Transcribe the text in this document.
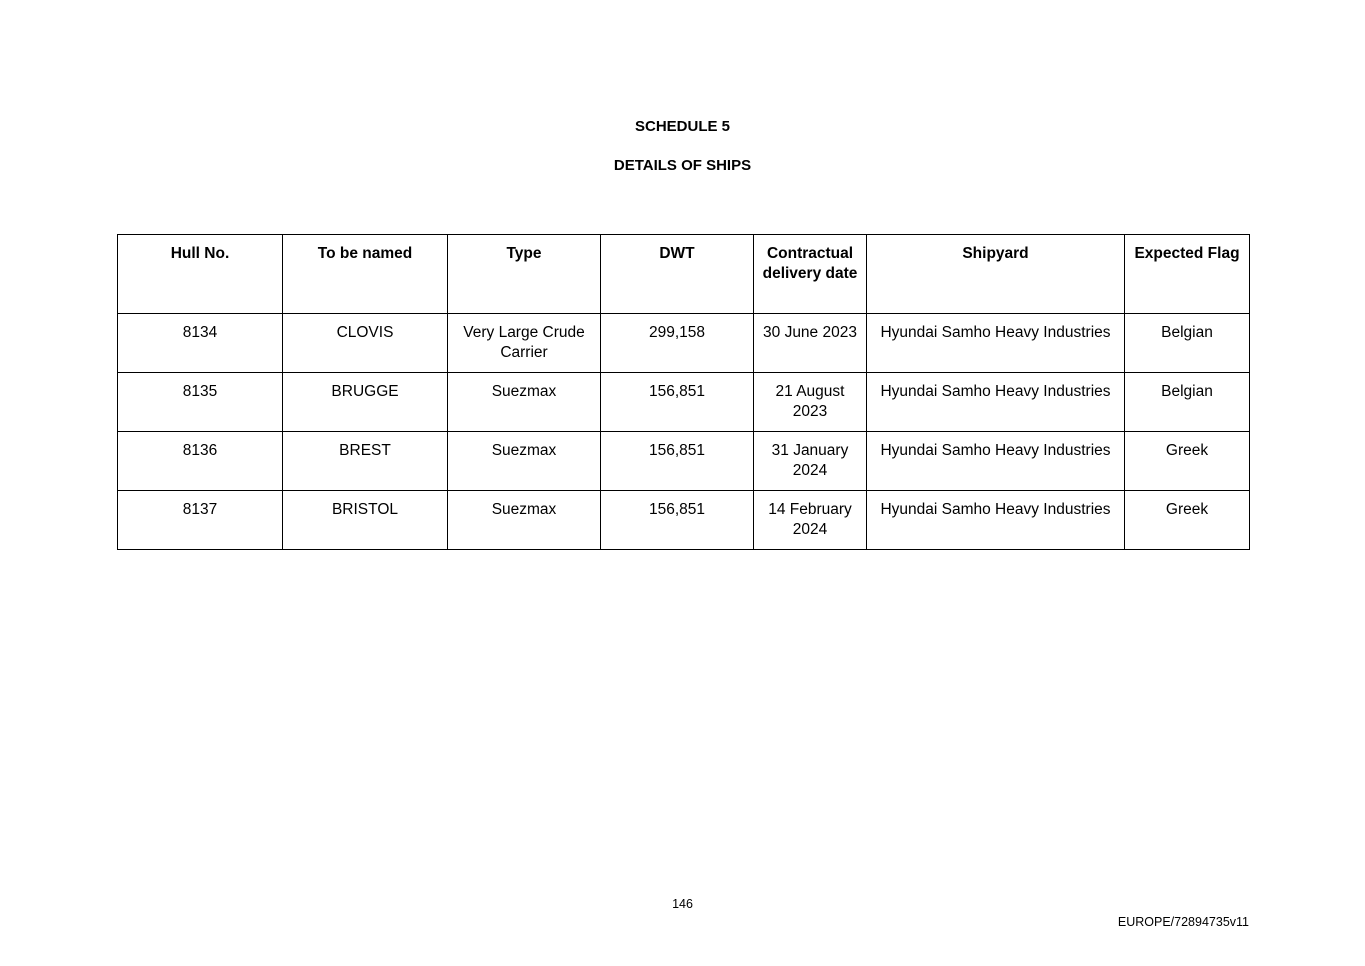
SCHEDULE 5
DETAILS OF SHIPS
Hull No.	To be named	Type	DWT	Contractual delivery date	Shipyard	Expected Flag
8134	CLOVIS	Very Large Crude Carrier	299,158	30 June 2023	Hyundai Samho Heavy Industries	Belgian
8135	BRUGGE	Suezmax	156,851	21 August 2023	Hyundai Samho Heavy Industries	Belgian
8136	BREST	Suezmax	156,851	31 January 2024	Hyundai Samho Heavy Industries	Greek
8137	BRISTOL	Suezmax	156,851	14 February 2024	Hyundai Samho Heavy Industries	Greek
146
EUROPE/72894735v11
